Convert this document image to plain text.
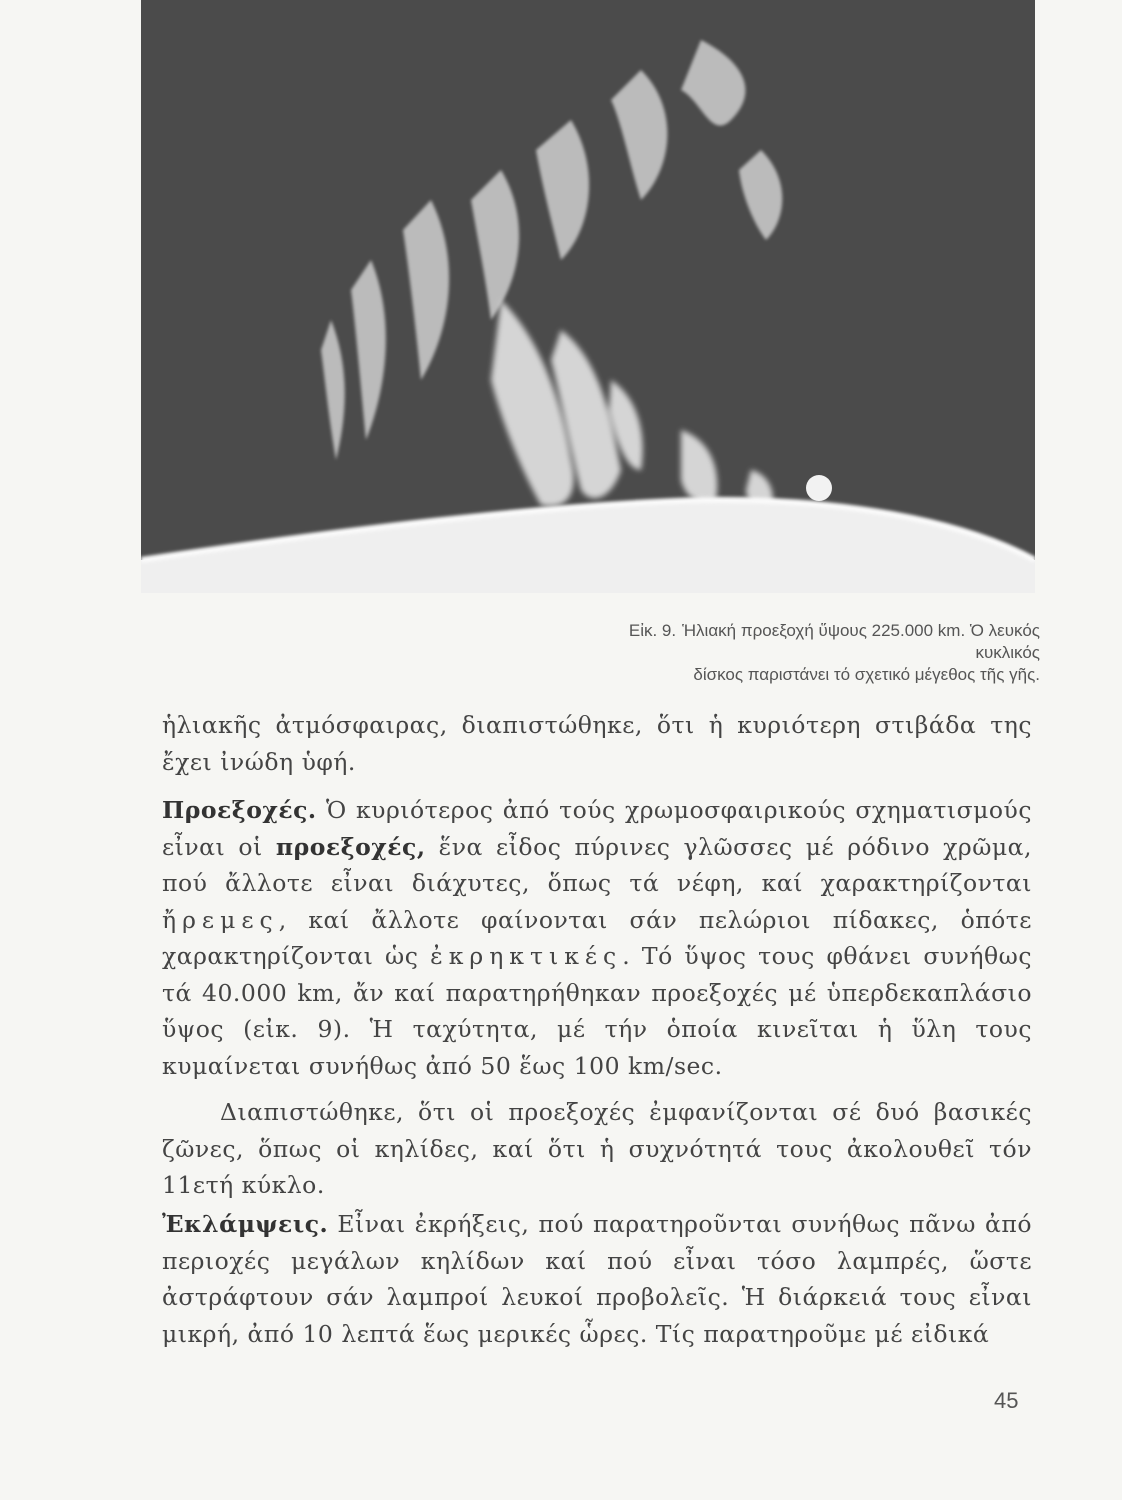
Εἰκ. 9. Ἡλιακή προεξοχή ὕψους 225.000 km. Ὁ λευκός κυκλικός
δίσκος παριστάνει τό σχετικό μέγεθος τῆς γῆς.

ἡλιακῆς ἀτμόσφαιρας, διαπιστώθηκε, ὅτι ἡ κυριότερη στιβάδα της ἔχει ἰνώδη ὑφή.

Προεξοχές. Ὁ κυριότερος ἀπό τούς χρωμοσφαιρικούς σχηματισμούς εἶναι οἱ προεξοχές, ἕνα εἶδος πύρινες γλῶσσες μέ ρόδινο χρῶμα, πού ἄλλοτε εἶναι διάχυτες, ὅπως τά νέφη, καί χαρακτηρίζονται ἤρεμες, καί ἄλλοτε φαίνονται σάν πελώριοι πίδακες, ὁπότε χαρακτηρίζονται ὡς ἐκρηκτικές. Τό ὕψος τους φθάνει συνήθως τά 40.000 km, ἄν καί παρατηρήθηκαν προεξοχές μέ ὑπερδεκαπλάσιο ὕψος (εἰκ. 9). Ἡ ταχύτητα, μέ τήν ὁποία κινεῖται ἡ ὕλη τους κυμαίνεται συνήθως ἀπό 50 ἕως 100 km/sec.

Διαπιστώθηκε, ὅτι οἱ προεξοχές ἐμφανίζονται σέ δυό βασικές ζῶνες, ὅπως οἱ κηλίδες, καί ὅτι ἡ συχνότητά τους ἀκολουθεῖ τόν 11ετή κύκλο.

Ἐκλάμψεις. Εἶναι ἐκρήξεις, πού παρατηροῦνται συνήθως πᾶνω ἀπό περιοχές μεγάλων κηλίδων καί πού εἶναι τόσο λαμπρές, ὥστε ἀστράφτουν σάν λαμπροί λευκοί προβολεῖς. Ἡ διάρκειά τους εἶναι μικρή, ἀπό 10 λεπτά ἕως μερικές ὧρες. Τίς παρατηροῦμε μέ εἰδικά

45
